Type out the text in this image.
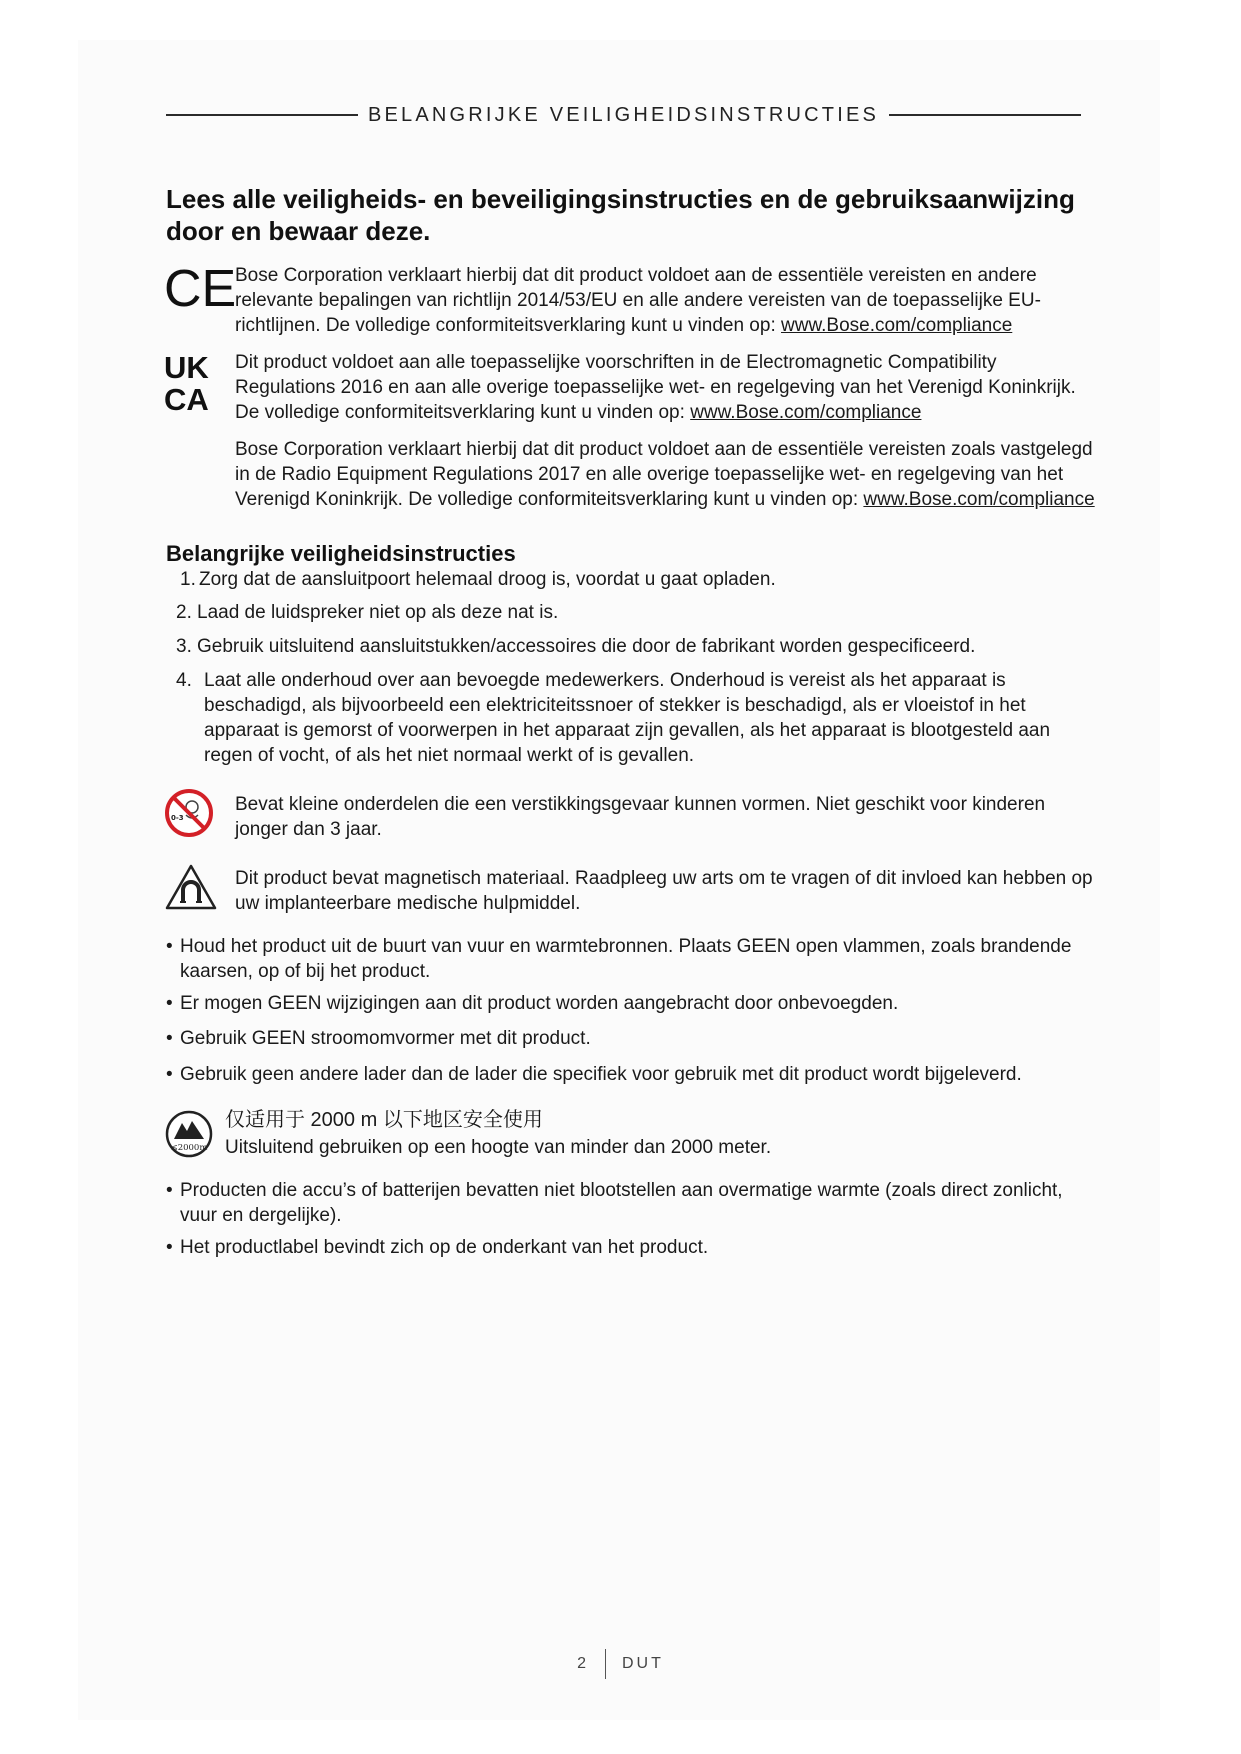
BELANGRIJKE VEILIGHEIDSINSTRUCTIES
Lees alle veiligheids- en beveiligingsinstructies en de gebruiksaanwijzing door en bewaar deze.
CE
Bose Corporation verklaart hierbij dat dit product voldoet aan de essentiële vereisten en andere relevante bepalingen van richtlijn 2014/53/EU en alle andere vereisten van de toepasselijke EU-richtlijnen. De volledige conformiteitsverklaring kunt u vinden op: www.Bose.com/compliance
UK
CA
Dit product voldoet aan alle toepasselijke voorschriften in de Electromagnetic Compatibility Regulations 2016 en aan alle overige toepasselijke wet- en regelgeving van het Verenigd Koninkrijk. De volledige conformiteitsverklaring kunt u vinden op: www.Bose.com/compliance
Bose Corporation verklaart hierbij dat dit product voldoet aan de essentiële vereisten zoals vastgelegd in de Radio Equipment Regulations 2017 en alle overige toepasselijke wet- en regelgeving van het Verenigd Koninkrijk. De volledige conformiteitsverklaring kunt u vinden op: www.Bose.com/compliance
Belangrijke veiligheidsinstructies
1. Zorg dat de aansluitpoort helemaal droog is, voordat u gaat opladen.
2. Laad de luidspreker niet op als deze nat is.
3. Gebruik uitsluitend aansluitstukken/accessoires die door de fabrikant worden gespecificeerd.
4. Laat alle onderhoud over aan bevoegde medewerkers. Onderhoud is vereist als het apparaat is beschadigd, als bijvoorbeeld een elektriciteitssnoer of stekker is beschadigd, als er vloeistof in het apparaat is gemorst of voorwerpen in het apparaat zijn gevallen, als het apparaat is blootgesteld aan regen of vocht, of als het niet normaal werkt of is gevallen.
0-3
Bevat kleine onderdelen die een verstikkingsgevaar kunnen vormen. Niet geschikt voor kinderen jonger dan 3 jaar.
Dit product bevat magnetisch materiaal. Raadpleeg uw arts om te vragen of dit invloed kan hebben op uw implanteerbare medische hulpmiddel.
• Houd het product uit de buurt van vuur en warmtebronnen. Plaats GEEN open vlammen, zoals brandende kaarsen, op of bij het product.
• Er mogen GEEN wijzigingen aan dit product worden aangebracht door onbevoegden.
• Gebruik GEEN stroomomvormer met dit product.
• Gebruik geen andere lader dan de lader die specifiek voor gebruik met dit product wordt bijgeleverd.
≤2000m
仅适用于 2000 m 以下地区安全使用
Uitsluitend gebruiken op een hoogte van minder dan 2000 meter.
• Producten die accu’s of batterijen bevatten niet blootstellen aan overmatige warmte (zoals direct zonlicht, vuur en dergelijke).
• Het productlabel bevindt zich op de onderkant van het product.
2 DUT
